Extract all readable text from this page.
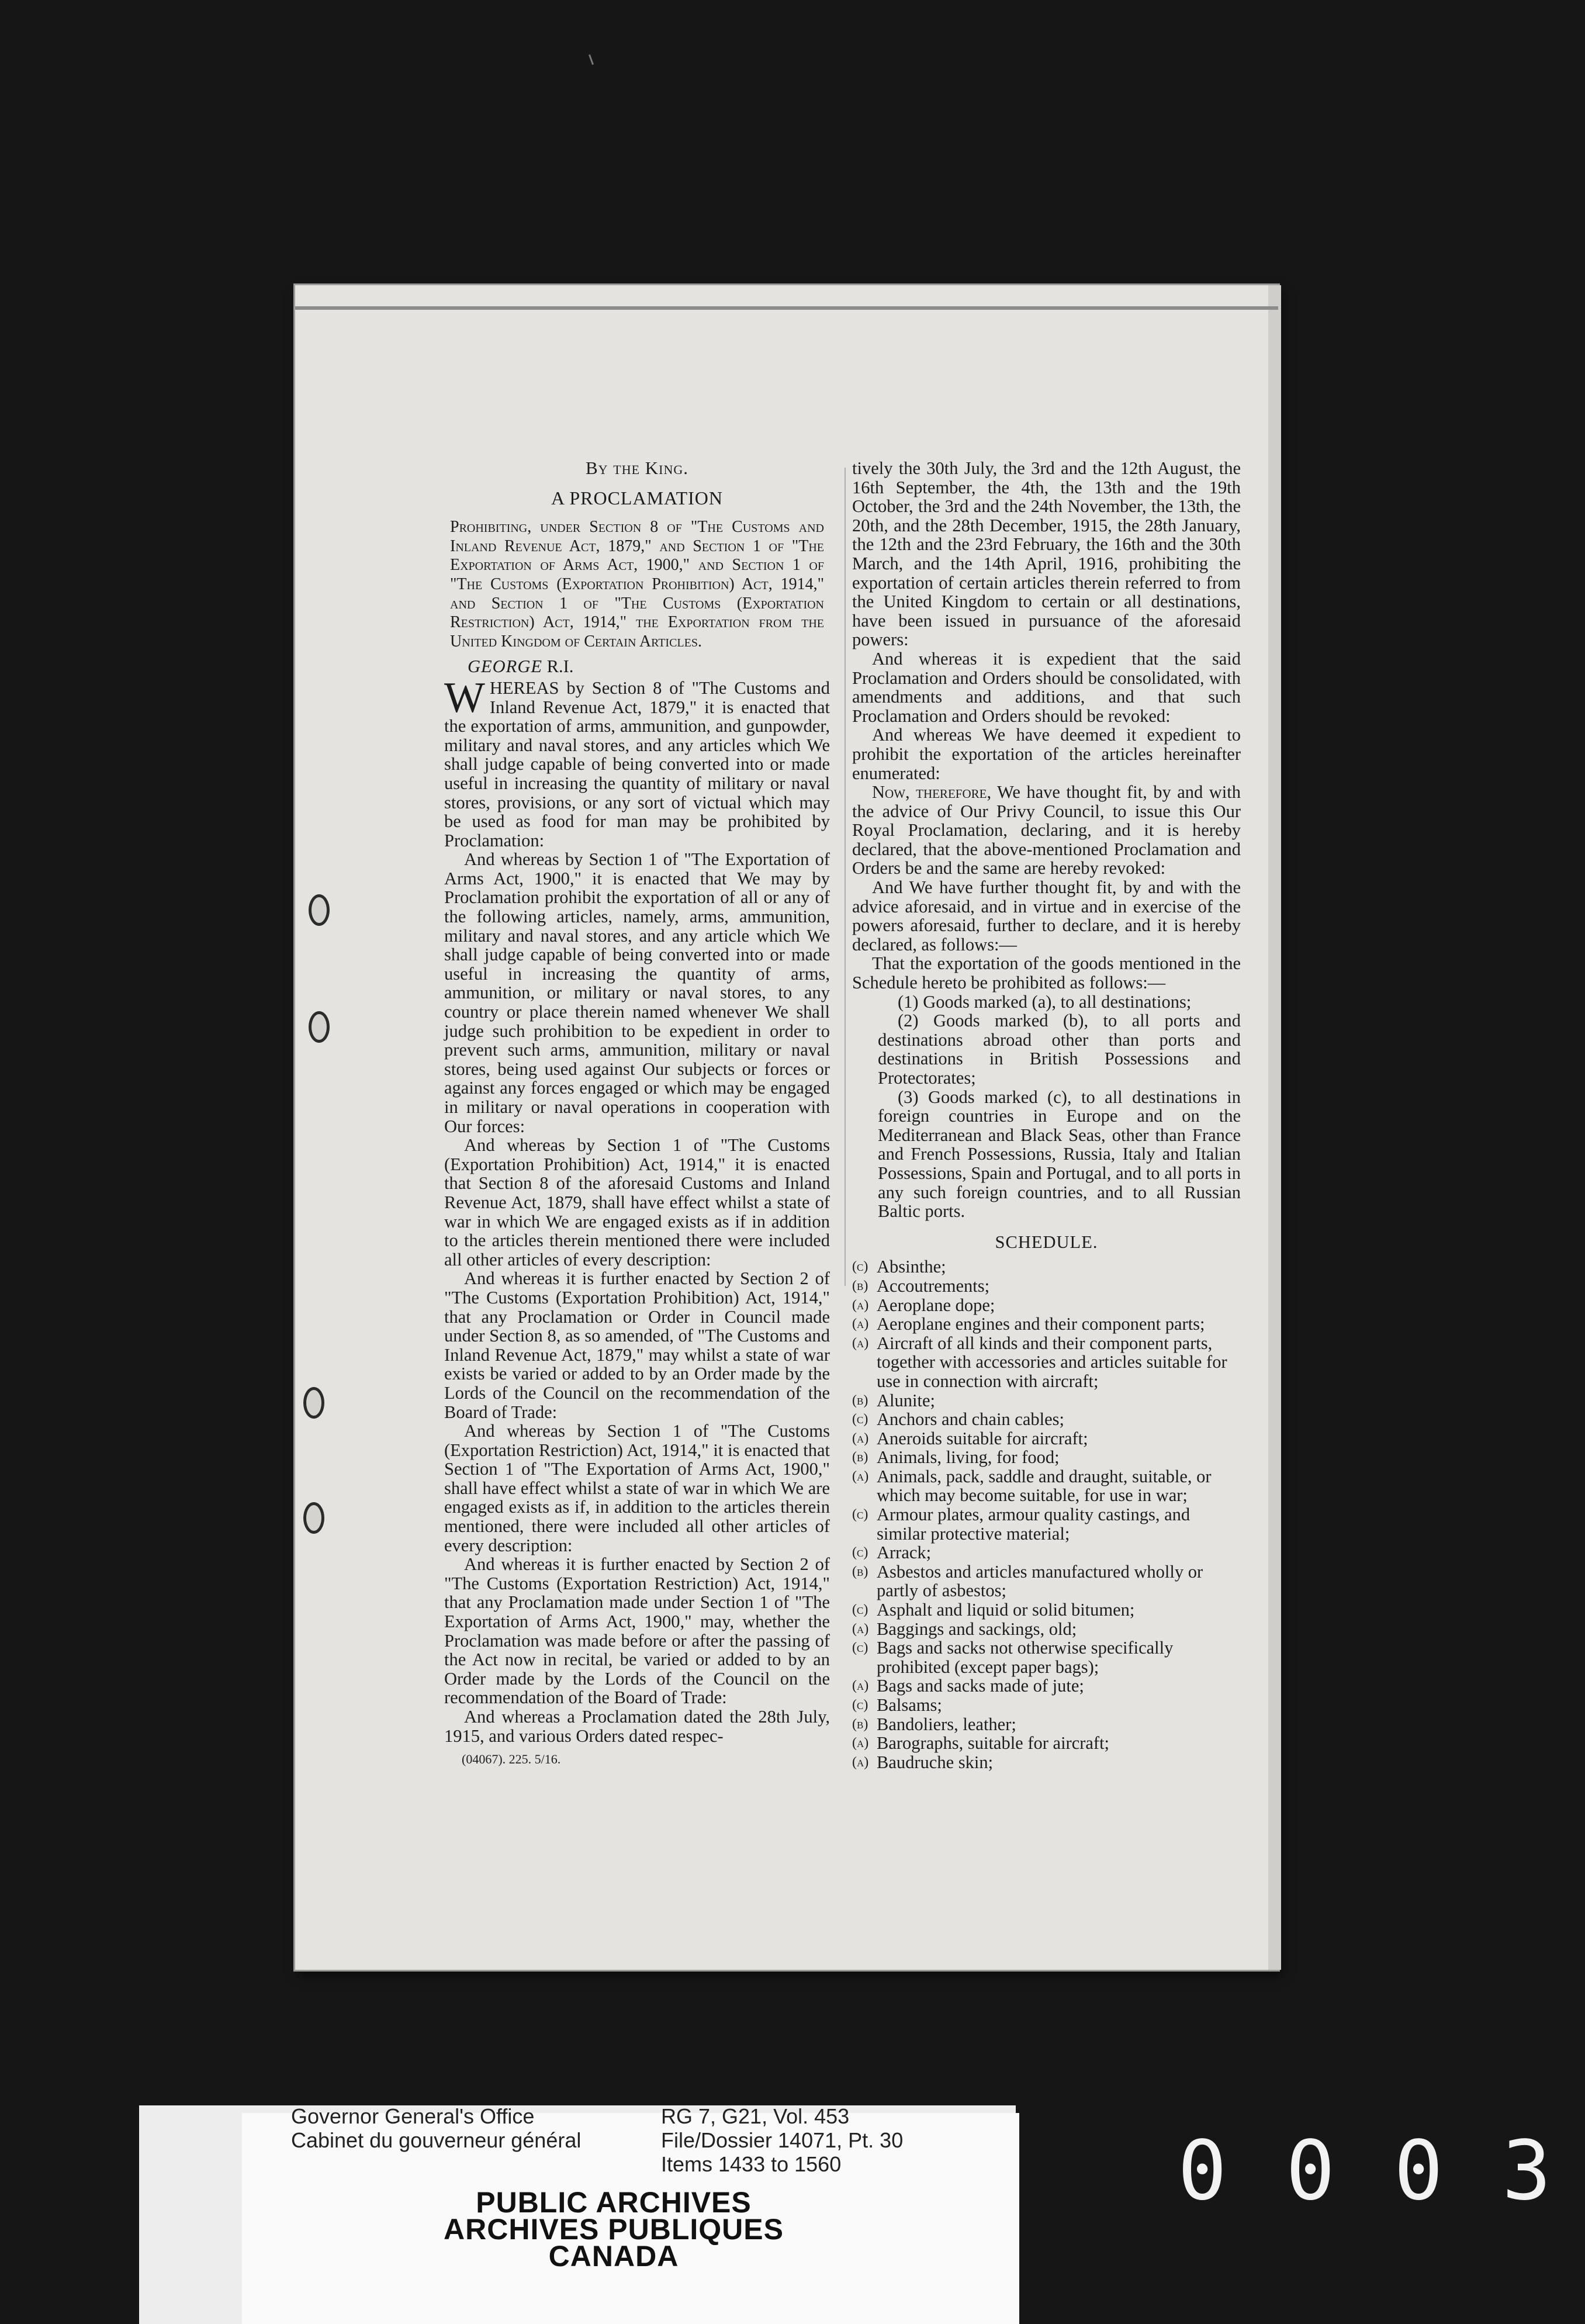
By the King.

A PROCLAMATION

Prohibiting, under Section 8 of "The Customs and Inland Revenue Act, 1879," and Section 1 of "The Exportation of Arms Act, 1900," and Section 1 of "The Customs (Exportation Prohibition) Act, 1914," and Section 1 of "The Customs (Exportation Restriction) Act, 1914," the Exportation from the United Kingdom of Certain Articles.

GEORGE R.I.

WHEREAS by Section 8 of "The Customs and Inland Revenue Act, 1879," it is enacted that the exportation of arms, ammunition, and gunpowder, military and naval stores, and any articles which We shall judge capable of being converted into or made useful in increasing the quantity of military or naval stores, provisions, or any sort of victual which may be used as food for man may be prohibited by Proclamation:

And whereas by Section 1 of "The Exportation of Arms Act, 1900," it is enacted that We may by Proclamation prohibit the exportation of all or any of the following articles, namely, arms, ammunition, military and naval stores, and any article which We shall judge capable of being converted into or made useful in increasing the quantity of arms, ammunition, or military or naval stores, to any country or place therein named whenever We shall judge such prohibition to be expedient in order to prevent such arms, ammunition, military or naval stores, being used against Our subjects or forces or against any forces engaged or which may be engaged in military or naval operations in cooperation with Our forces:

And whereas by Section 1 of "The Customs (Exportation Prohibition) Act, 1914," it is enacted that Section 8 of the aforesaid Customs and Inland Revenue Act, 1879, shall have effect whilst a state of war in which We are engaged exists as if in addition to the articles therein mentioned there were included all other articles of every description:

And whereas it is further enacted by Section 2 of "The Customs (Exportation Prohibition) Act, 1914," that any Proclamation or Order in Council made under Section 8, as so amended, of "The Customs and Inland Revenue Act, 1879," may whilst a state of war exists be varied or added to by an Order made by the Lords of the Council on the recommendation of the Board of Trade:

And whereas by Section 1 of "The Customs (Exportation Restriction) Act, 1914," it is enacted that Section 1 of "The Exportation of Arms Act, 1900," shall have effect whilst a state of war in which We are engaged exists as if, in addition to the articles therein mentioned, there were included all other articles of every description:

And whereas it is further enacted by Section 2 of "The Customs (Exportation Restriction) Act, 1914," that any Proclamation made under Section 1 of "The Exportation of Arms Act, 1900," may, whether the Proclamation was made before or after the passing of the Act now in recital, be varied or added to by an Order made by the Lords of the Council on the recommendation of the Board of Trade:

And whereas a Proclamation dated the 28th July, 1915, and various Orders dated respec-

(04067). 225. 5/16.

tively the 30th July, the 3rd and the 12th August, the 16th September, the 4th, the 13th and the 19th October, the 3rd and the 24th November, the 13th, the 20th, and the 28th December, 1915, the 28th January, the 12th and the 23rd February, the 16th and the 30th March, and the 14th April, 1916, prohibiting the exportation of certain articles therein referred to from the United Kingdom to certain or all destinations, have been issued in pursuance of the aforesaid powers:

And whereas it is expedient that the said Proclamation and Orders should be consolidated, with amendments and additions, and that such Proclamation and Orders should be revoked:

And whereas We have deemed it expedient to prohibit the exportation of the articles hereinafter enumerated:

Now, therefore, We have thought fit, by and with the advice of Our Privy Council, to issue this Our Royal Proclamation, declaring, and it is hereby declared, that the above-mentioned Proclamation and Orders be and the same are hereby revoked:

And We have further thought fit, by and with the advice aforesaid, and in virtue and in exercise of the powers aforesaid, further to declare, and it is hereby declared, as follows:—

That the exportation of the goods mentioned in the Schedule hereto be prohibited as follows:—

(1) Goods marked (a), to all destinations;

(2) Goods marked (b), to all ports and destinations abroad other than ports and destinations in British Possessions and Protectorates;

(3) Goods marked (c), to all destinations in foreign countries in Europe and on the Mediterranean and Black Seas, other than France and French Possessions, Russia, Italy and Italian Possessions, Spain and Portugal, and to all ports in any such foreign countries, and to all Russian Baltic ports.

SCHEDULE.

(c) Absinthe;

(b) Accoutrements;

(a) Aeroplane dope;

(a) Aeroplane engines and their component parts;

(a) Aircraft of all kinds and their component parts, together with accessories and articles suitable for use in connection with aircraft;

(b) Alunite;

(c) Anchors and chain cables;

(a) Aneroids suitable for aircraft;

(b) Animals, living, for food;

(a) Animals, pack, saddle and draught, suitable, or which may become suitable, for use in war;

(c) Armour plates, armour quality castings, and similar protective material;

(c) Arrack;

(b) Asbestos and articles manufactured wholly or partly of asbestos;

(c) Asphalt and liquid or solid bitumen;

(a) Baggings and sackings, old;

(c) Bags and sacks not otherwise specifically prohibited (except paper bags);

(a) Bags and sacks made of jute;

(c) Balsams;

(b) Bandoliers, leather;

(a) Barographs, suitable for aircraft;

(a) Baudruche skin;

Governor General's Office
Cabinet du gouverneur général
RG 7, G21, Vol. 453
File/Dossier 14071, Pt. 30
Items 1433 to 1560
PUBLIC ARCHIVES
ARCHIVES PUBLIQUES
CANADA
0 0 0 3
